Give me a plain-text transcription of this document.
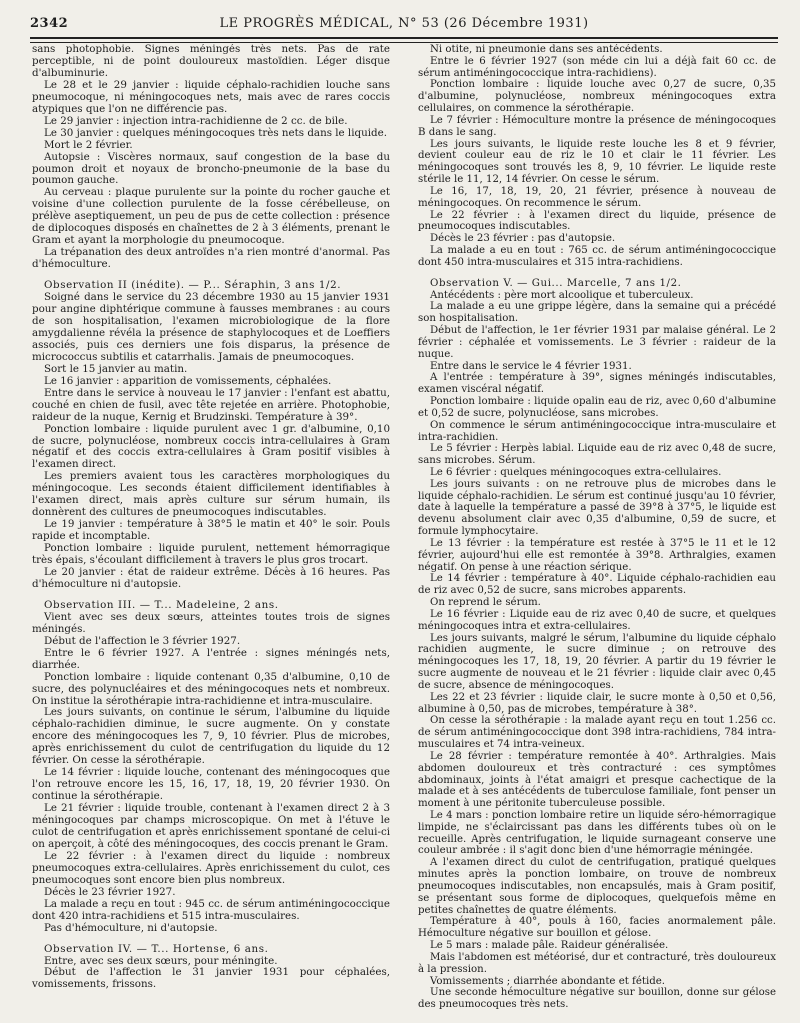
2342	LE PROGRÈS MÉDICAL, N° 53 (26 Décembre 1931)

sans photophobie. Signes méningés très nets. Pas de rate perceptible, ni de point douloureux mastoïdien. Léger disque d'albuminurie.

Le 28 et le 29 janvier : liquide céphalo-rachidien louche sans pneumocoque, ni méningocoques nets, mais avec de rares coccis atypiques que l'on ne différencie pas.

Le 29 janvier : injection intra-rachidienne de 2 cc. de bile.

Le 30 janvier : quelques méningocoques très nets dans le liquide.

Mort le 2 février.

Autopsie : Viscères normaux, sauf congestion de la base du poumon droit et noyaux de broncho-pneumonie de la base du poumon gauche.

Au cerveau : plaque purulente sur la pointe du rocher gauche et voisine d'une collection purulente de la fosse cérébelleuse, on prélève aseptiquement, un peu de pus de cette collection : présence de diplocoques disposés en chaînettes de 2 à 3 éléments, prenant le Gram et ayant la morphologie du pneumocoque.

La trépanation des deux antroïdes n'a rien montré d'anormal. Pas d'hémoculture.

Observation II (inédite). — P... Séraphin, 3 ans 1/2.

Soigné dans le service du 23 décembre 1930 au 15 janvier 1931 pour angine diphtérique commune à fausses membranes : au cours de son hospitalisation, l'examen microbiologique de la flore amygdalienne révéla la présence de staphylocoques et de Loeffiers associés, puis ces derniers une fois disparus, la présence de micrococcus subtilis et catarrhalis. Jamais de pneumocoques.

Sort le 15 janvier au matin.

Le 16 janvier : apparition de vomissements, céphalées.

Entre dans le service à nouveau le 17 janvier : l'enfant est abattu, couché en chien de fusil, avec tête rejetée en arrière. Photophobie, raideur de la nuque, Kernig et Brudzinski. Température à 39°.

Ponction lombaire : liquide purulent avec 1 gr. d'albumine, 0,10 de sucre, polynucléose, nombreux coccis intra-cellulaires à Gram négatif et des coccis extra-cellulaires à Gram positif visibles à l'examen direct.

Les premiers avaient tous les caractères morphologiques du méningocoque. Les seconds étaient difficilement identifiables à l'examen direct, mais après culture sur sérum humain, ils donnèrent des cultures de pneumocoques indiscutables.

Le 19 janvier : température à 38°5 le matin et 40° le soir. Pouls rapide et incomptable.

Ponction lombaire : liquide purulent, nettement hémorragique très épais, s'écoulant difficilement à travers le plus gros trocart.

Le 20 janvier : état de raideur extrême. Décès à 16 heures. Pas d'hémoculture ni d'autopsie.

Observation III. — T... Madeleine, 2 ans.

Vient avec ses deux sœurs, atteintes toutes trois de signes méningés.

Début de l'affection le 3 février 1927.

Entre le 6 février 1927. A l'entrée : signes méningés nets, diarrhée.

Ponction lombaire : liquide contenant 0,35 d'albumine, 0,10 de sucre, des polynucléaires et des méningocoques nets et nombreux. On institue la sérothérapie intra-rachidienne et intra-musculaire.

Les jours suivants, on continue le sérum, l'albumine du liquide céphalo-rachidien diminue, le sucre augmente. On y constate encore des méningocoques les 7, 9, 10 février. Plus de microbes, après enrichissement du culot de centrifugation du liquide du 12 février. On cesse la sérothérapie.

Le 14 février : liquide louche, contenant des méningocoques que l'on retrouve encore les 15, 16, 17, 18, 19, 20 février 1930. On continue la sérothérapie.

Le 21 février : liquide trouble, contenant à l'examen direct 2 à 3 méningocoques par champs microscopique. On met à l'étuve le culot de centrifugation et après enrichissement spontané de celui-ci on aperçoit, à côté des méningocoques, des coccis prenant le Gram.

Le 22 février : à l'examen direct du liquide : nombreux pneumocoques extra-cellulaires. Après enrichissement du culot, ces pneumocoques sont encore bien plus nombreux.

Décès le 23 février 1927.

La malade a reçu en tout : 945 cc. de sérum antiméningococcique dont 420 intra-rachidiens et 515 intra-musculaires.

Pas d'hémoculture, ni d'autopsie.

Observation IV. — T... Hortense, 6 ans.

Entre, avec ses deux sœurs, pour méningite.

Début de l'affection le 31 janvier 1931 pour céphalées, vomissements, frissons.

Ni otite, ni pneumonie dans ses antécédents.

Entre le 6 février 1927 (son méde cin lui a déjà fait 60 cc. de sérum antiméningococcique intra-rachidiens).

Ponction lombaire : liquide louche avec 0,27 de sucre, 0,35 d'albumine, polynucléose, nombreux méningocoques extra cellulaires, on commence la sérothérapie.

Le 7 février : Hémoculture montre la présence de méningocoques B dans le sang.

Les jours suivants, le liquide reste louche les 8 et 9 février, devient couleur eau de riz le 10 et clair le 11 février. Les méningocoques sont trouvés les 8, 9, 10 février. Le liquide reste stérile le 11, 12, 14 février. On cesse le sérum.

Le 16, 17, 18, 19, 20, 21 février, présence à nouveau de méningocoques. On recommence le sérum.

Le 22 février : à l'examen direct du liquide, présence de pneumocoques indiscutables.

Décès le 23 février : pas d'autopsie.

La malade a eu en tout : 765 cc. de sérum antiméningococcique dont 450 intra-musculaires et 315 intra-rachidiens.

Observation V. — Gui... Marcelle, 7 ans 1/2.

Antécédents : père mort alcoolique et tuberculeux.

La malade a eu une grippe légère, dans la semaine qui a précédé son hospitalisation.

Début de l'affection, le 1er février 1931 par malaise général. Le 2 février : céphalée et vomissements. Le 3 février : raideur de la nuque.

Entre dans le service le 4 février 1931.

A l'entrée : température à 39°, signes méningés indiscutables, examen viscéral négatif.

Ponction lombaire : liquide opalin eau de riz, avec 0,60 d'albumine et 0,52 de sucre, polynucléose, sans microbes.

On commence le sérum antiméningococcique intra-musculaire et intra-rachidien.

Le 5 février : Herpès labial. Liquide eau de riz avec 0,48 de sucre, sans microbes. Sérum.

Le 6 février : quelques méningocoques extra-cellulaires.

Les jours suivants : on ne retrouve plus de microbes dans le liquide céphalo-rachidien. Le sérum est continué jusqu'au 10 février, date à laquelle la température a passé de 39°8 à 37°5, le liquide est devenu absolument clair avec 0,35 d'albumine, 0,59 de sucre, et formule lymphocytaire.

Le 13 février : la température est restée à 37°5 le 11 et le 12 février, aujourd'hui elle est remontée à 39°8. Arthralgies, examen négatif. On pense à une réaction sérique.

Le 14 février : température à 40°. Liquide céphalo-rachidien eau de riz avec 0,52 de sucre, sans microbes apparents.

On reprend le sérum.

Le 16 février : Liquide eau de riz avec 0,40 de sucre, et quelques méningocoques intra et extra-cellulaires.

Les jours suivants, malgré le sérum, l'albumine du liquide céphalo rachidien augmente, le sucre diminue ; on retrouve des méningocoques les 17, 18, 19, 20 février. A partir du 19 février le sucre augmente de nouveau et le 21 février : liquide clair avec 0,45 de sucre, absence de méningocoques.

Les 22 et 23 février : liquide clair, le sucre monte à 0,50 et 0,56, albumine à 0,50, pas de microbes, température à 38°.

On cesse la sérothérapie : la malade ayant reçu en tout 1.256 cc. de sérum antiméningococcique dont 398 intra-rachidiens, 784 intra-musculaires et 74 intra-veineux.

Le 28 février : température remontée à 40°. Arthralgies. Mais abdomen douloureux et très contracturé : ces symptômes abdominaux, joints à l'état amaigri et presque cachectique de la malade et à ses antécédents de tuberculose familiale, font penser un moment à une péritonite tuberculeuse possible.

Le 4 mars : ponction lombaire retire un liquide séro-hémorragique limpide, ne s'éclaircissant pas dans les différents tubes où on le recueille. Après centrifugation, le liquide surnageant conserve une couleur ambrée : il s'agit donc bien d'une hémorragie méningée.

A l'examen direct du culot de centrifugation, pratiqué quelques minutes après la ponction lombaire, on trouve de nombreux pneumocoques indiscutables, non encapsulés, mais à Gram positif, se présentant sous forme de diplocoques, quelquefois même en petites chaînettes de quatre éléments.

Température à 40°, pouls à 160, facies anormalement pâle. Hémoculture négative sur bouillon et gélose.

Le 5 mars : malade pâle. Raideur généralisée.

Mais l'abdomen est météorisé, dur et contracturé, très douloureux à la pression.

Vomissements ; diarrhée abondante et fétide.

Une seconde hémoculture négative sur bouillon, donne sur gélose des pneumocoques très nets.
